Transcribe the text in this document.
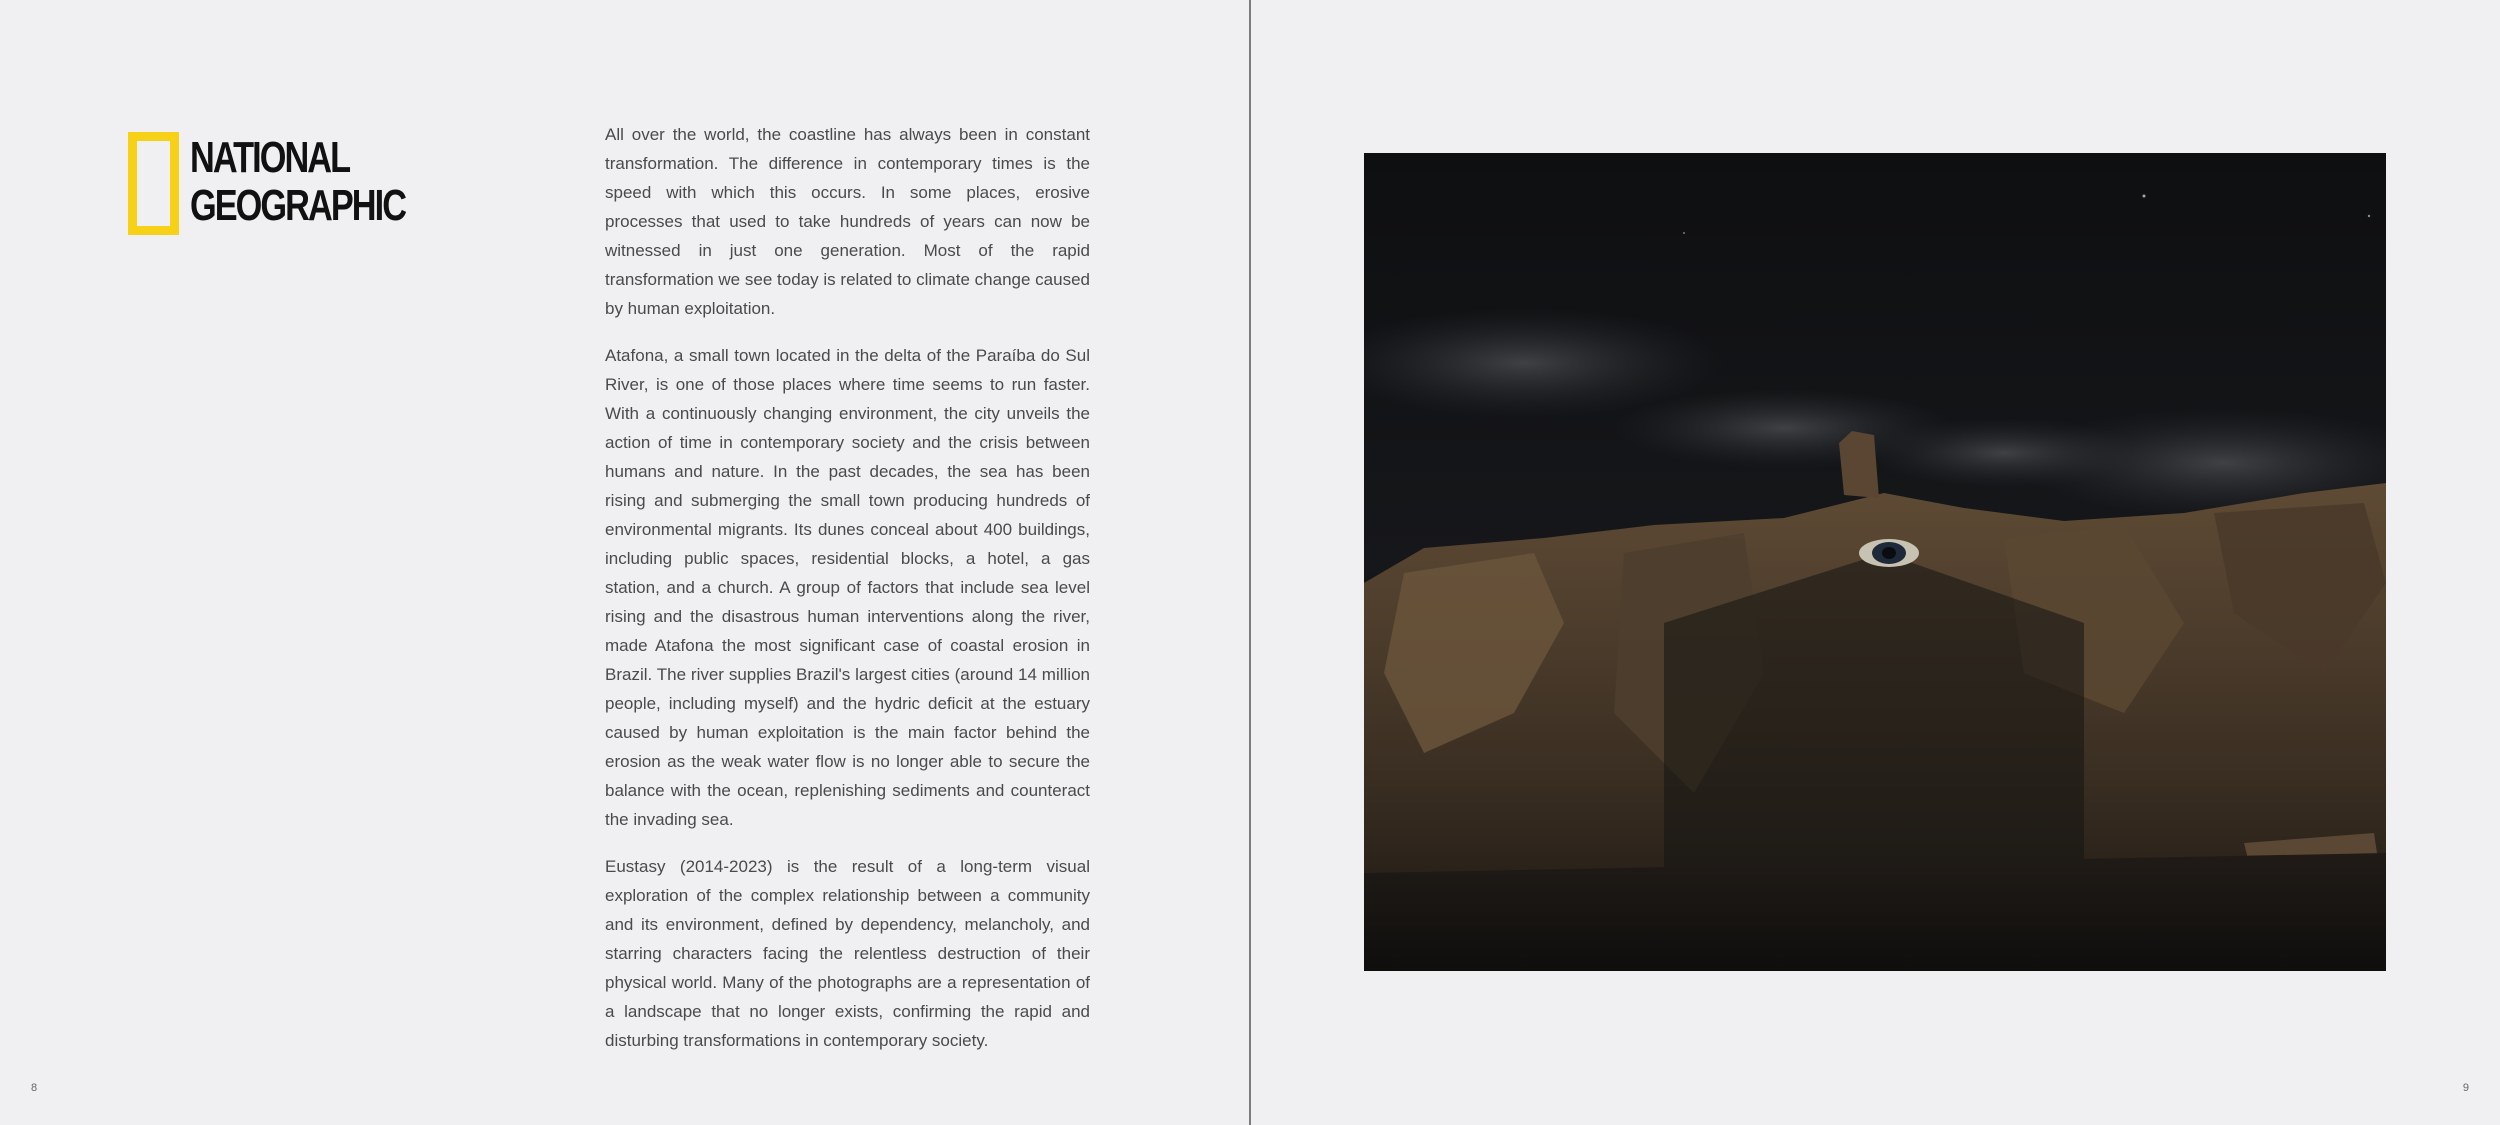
NATIONAL
GEOGRAPHIC

All over the world, the coastline has always been in constant transformation. The difference in contemporary times is the speed with which this occurs. In some places, erosive processes that used to take hundreds of years can now be witnessed in just one generation. Most of the rapid transformation we see today is related to climate change caused by human exploitation.

Atafona, a small town located in the delta of the Paraíba do Sul River, is one of those places where time seems to run faster. With a continuously changing environment, the city unveils the action of time in contemporary society and the crisis between humans and nature. In the past decades, the sea has been rising and submerging the small town producing hundreds of environmental migrants. Its dunes conceal about 400 buildings, including public spaces, residential blocks, a hotel, a gas station, and a church. A group of factors that include sea level rising and the disastrous human interventions along the river, made Atafona the most significant case of coastal erosion in Brazil. The river supplies Brazil's largest cities (around 14 million people, including myself) and the hydric deficit at the estuary caused by human exploitation is the main factor behind the erosion as the weak water flow is no longer able to secure the balance with the ocean, replenishing sediments and counteract the invading sea.

Eustasy (2014-2023) is the result of a long-term visual exploration of the complex relationship between a community and its environment, defined by dependency, melancholy, and starring characters facing the relentless destruction of their physical world. Many of the photographs are a representation of a landscape that no longer exists, confirming the rapid and disturbing transformations in contemporary society.

8	9
